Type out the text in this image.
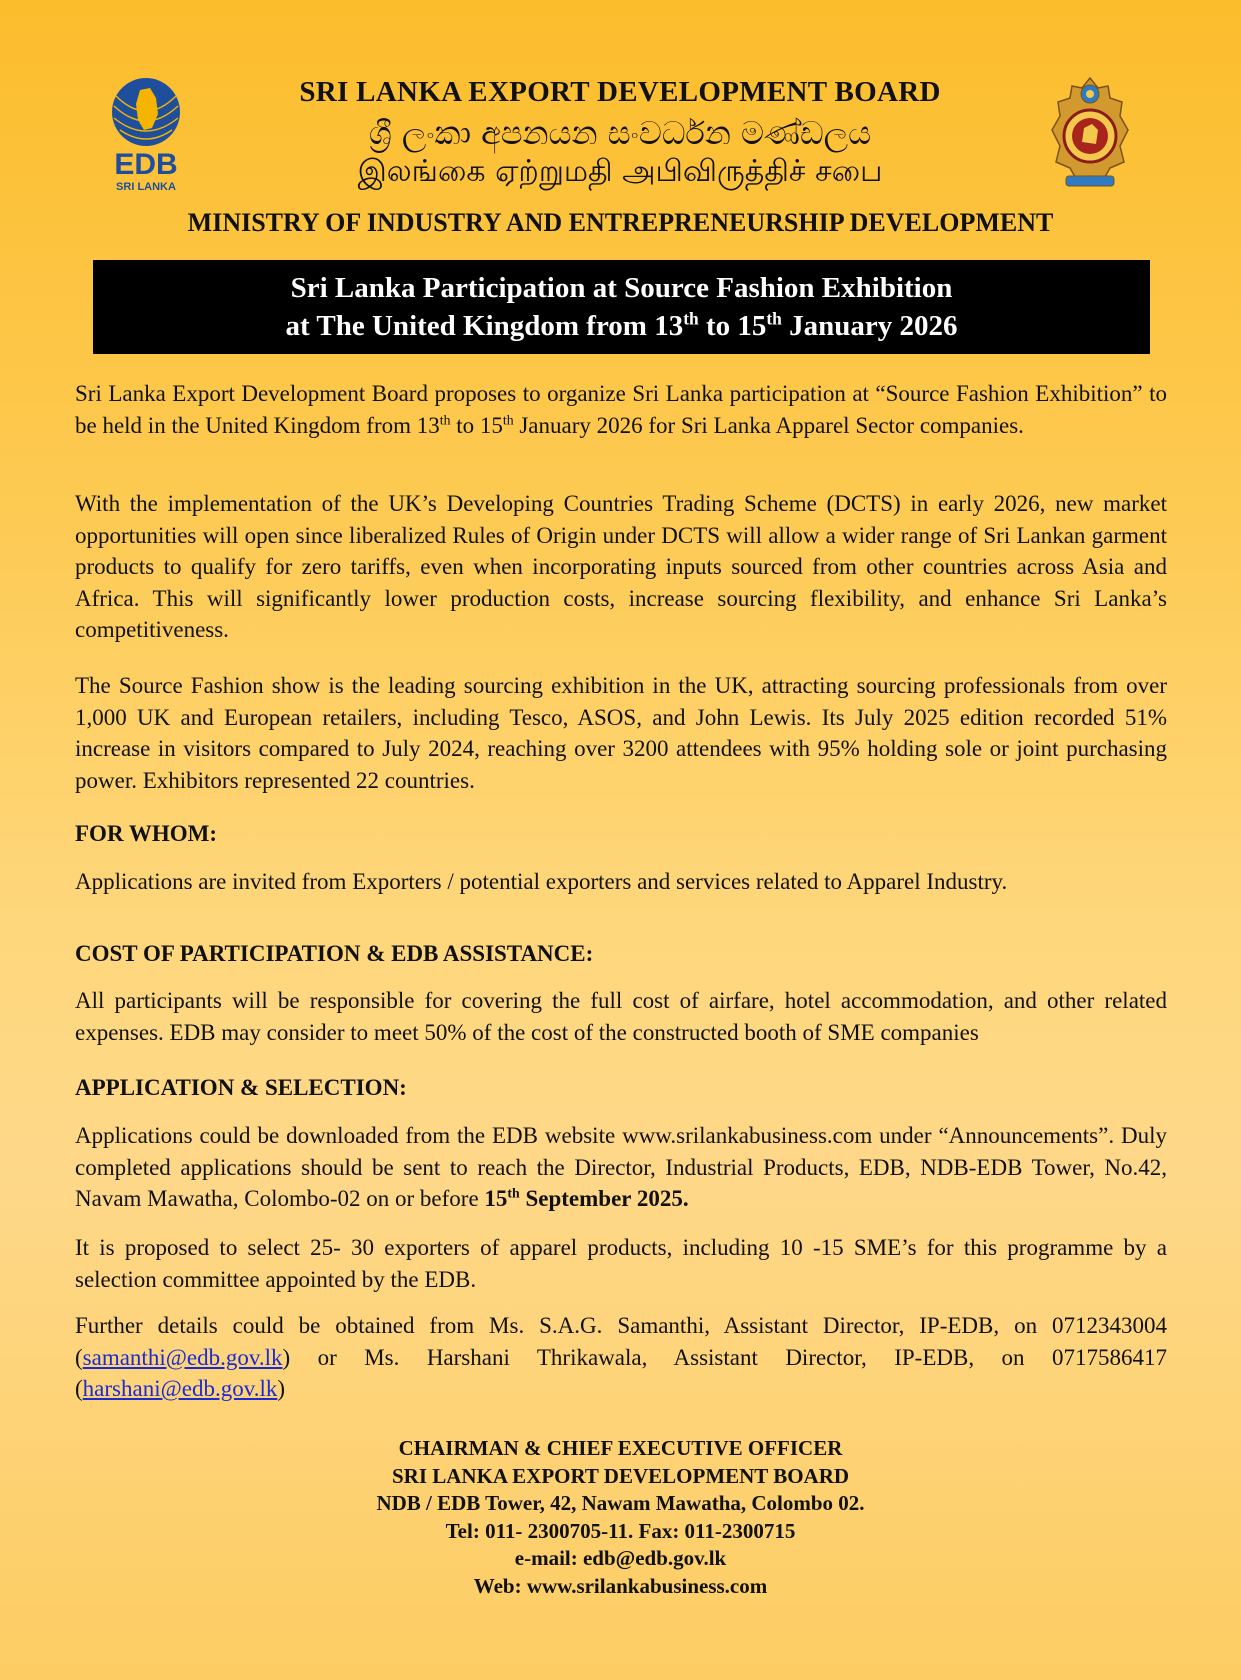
EDB
SRI LANKA
SRI LANKA EXPORT DEVELOPMENT BOARD
ශ්‍රී ලංකා අපනයන සංවර්ධන මණ්ඩලය
இலங்கை ஏற்றுமதி அபிவிருத்திச் சபை
MINISTRY OF INDUSTRY AND ENTREPRENEURSHIP DEVELOPMENT
Sri Lanka Participation at Source Fashion Exhibition
at The United Kingdom from 13th to 15th January 2026

Sri Lanka Export Development Board proposes to organize Sri Lanka participation at “Source Fashion Exhibition” to be held in the United Kingdom from 13th to 15th January 2026 for Sri Lanka Apparel Sector companies.

With the implementation of the UK’s Developing Countries Trading Scheme (DCTS) in early 2026, new market opportunities will open since liberalized Rules of Origin under DCTS will allow a wider range of Sri Lankan garment products to qualify for zero tariffs, even when incorporating inputs sourced from other countries across Asia and Africa. This will significantly lower production costs, increase sourcing flexibility, and enhance Sri Lanka’s competitiveness.

The Source Fashion show is the leading sourcing exhibition in the UK, attracting sourcing professionals from over 1,000 UK and European retailers, including Tesco, ASOS, and John Lewis. Its July 2025 edition recorded 51% increase in visitors compared to July 2024, reaching over 3200 attendees with 95% holding sole or joint purchasing power. Exhibitors represented 22 countries.

FOR WHOM:

Applications are invited from Exporters / potential exporters and services related to Apparel Industry.

COST OF PARTICIPATION & EDB ASSISTANCE:

All participants will be responsible for covering the full cost of airfare, hotel accommodation, and other related expenses. EDB may consider to meet 50% of the cost of the constructed booth of SME companies

APPLICATION & SELECTION:

Applications could be downloaded from the EDB website www.srilankabusiness.com under “Announcements”. Duly completed applications should be sent to reach the Director, Industrial Products, EDB, NDB-EDB Tower, No.42, Navam Mawatha, Colombo-02 on or before 15th September 2025.

It is proposed to select 25- 30 exporters of apparel products, including 10 -15 SME’s for this programme by a selection committee appointed by the EDB.

Further details could be obtained from Ms. S.A.G. Samanthi, Assistant Director, IP-EDB, on 0712343004 (samanthi@edb.gov.lk) or Ms. Harshani Thrikawala, Assistant Director, IP-EDB, on 0717586417 (harshani@edb.gov.lk)

CHAIRMAN & CHIEF EXECUTIVE OFFICER
SRI LANKA EXPORT DEVELOPMENT BOARD
NDB / EDB Tower, 42, Nawam Mawatha, Colombo 02.
Tel: 011- 2300705-11. Fax: 011-2300715
e-mail: edb@edb.gov.lk
Web: www.srilankabusiness.com
